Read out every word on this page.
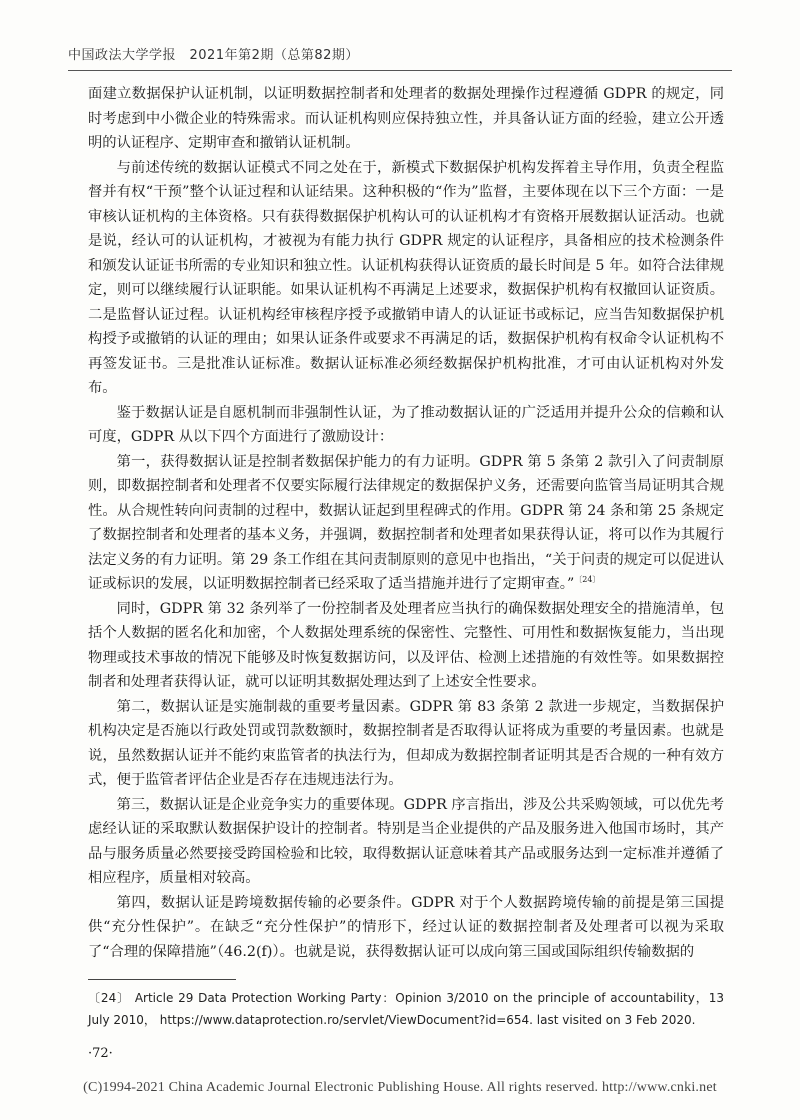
中国政法大学学报　2021年第2期（总第82期）

面建立数据保护认证机制，以证明数据控制者和处理者的数据处理操作过程遵循 GDPR 的规定，同时考虑到中小微企业的特殊需求。而认证机构则应保持独立性，并具备认证方面的经验，建立公开透明的认证程序、定期审查和撤销认证机制。

与前述传统的数据认证模式不同之处在于，新模式下数据保护机构发挥着主导作用，负责全程监督并有权“干预”整个认证过程和认证结果。这种积极的“作为”监督，主要体现在以下三个方面：一是审核认证机构的主体资格。只有获得数据保护机构认可的认证机构才有资格开展数据认证活动。也就是说，经认可的认证机构，才被视为有能力执行 GDPR 规定的认证程序，具备相应的技术检测条件和颁发认证证书所需的专业知识和独立性。认证机构获得认证资质的最长时间是 5 年。如符合法律规定，则可以继续履行认证职能。如果认证机构不再满足上述要求，数据保护机构有权撤回认证资质。二是监督认证过程。认证机构经审核程序授予或撤销申请人的认证证书或标记，应当告知数据保护机构授予或撤销的认证的理由；如果认证条件或要求不再满足的话，数据保护机构有权命令认证机构不再签发证书。三是批准认证标准。数据认证标准必须经数据保护机构批准，才可由认证机构对外发布。

鉴于数据认证是自愿机制而非强制性认证，为了推动数据认证的广泛适用并提升公众的信赖和认可度，GDPR 从以下四个方面进行了激励设计：

第一，获得数据认证是控制者数据保护能力的有力证明。GDPR 第 5 条第 2 款引入了问责制原则，即数据控制者和处理者不仅要实际履行法律规定的数据保护义务，还需要向监管当局证明其合规性。从合规性转向问责制的过程中，数据认证起到里程碑式的作用。GDPR 第 24 条和第 25 条规定了数据控制者和处理者的基本义务，并强调，数据控制者和处理者如果获得认证，将可以作为其履行法定义务的有力证明。第 29 条工作组在其问责制原则的意见中也指出，“关于问责的规定可以促进认证或标识的发展，以证明数据控制者已经采取了适当措施并进行了定期审查。”$^{〔24〕}$

同时，GDPR 第 32 条列举了一份控制者及处理者应当执行的确保数据处理安全的措施清单，包括个人数据的匿名化和加密，个人数据处理系统的保密性、完整性、可用性和数据恢复能力，当出现物理或技术事故的情况下能够及时恢复数据访问，以及评估、检测上述措施的有效性等。如果数据控制者和处理者获得认证，就可以证明其数据处理达到了上述安全性要求。

第二，数据认证是实施制裁的重要考量因素。GDPR 第 83 条第 2 款进一步规定，当数据保护机构决定是否施以行政处罚或罚款数额时，数据控制者是否取得认证将成为重要的考量因素。也就是说，虽然数据认证并不能约束监管者的执法行为，但却成为数据控制者证明其是否合规的一种有效方式，便于监管者评估企业是否存在违规违法行为。

第三，数据认证是企业竞争实力的重要体现。GDPR 序言指出，涉及公共采购领域，可以优先考虑经认证的采取默认数据保护设计的控制者。特别是当企业提供的产品及服务进入他国市场时，其产品与服务质量必然要接受跨国检验和比较，取得数据认证意味着其产品或服务达到一定标准并遵循了相应程序，质量相对较高。

第四，数据认证是跨境数据传输的必要条件。GDPR 对于个人数据跨境传输的前提是第三国提供“充分性保护”。在缺乏“充分性保护”的情形下，经过认证的数据控制者及处理者可以视为采取了“合理的保障措施”（46.2(f)）。也就是说，获得数据认证可以成向第三国或国际组织传输数据的

〔24〕 Article 29 Data Protection Working Party：Opinion 3/2010 on the principle of accountability，13 July 2010， https://www.dataprotection.ro/servlet/ViewDocument?id=654. last visited on 3 Feb 2020.
·72·
(C)1994-2021 China Academic Journal Electronic Publishing House. All rights reserved. http://www.cnki.net
